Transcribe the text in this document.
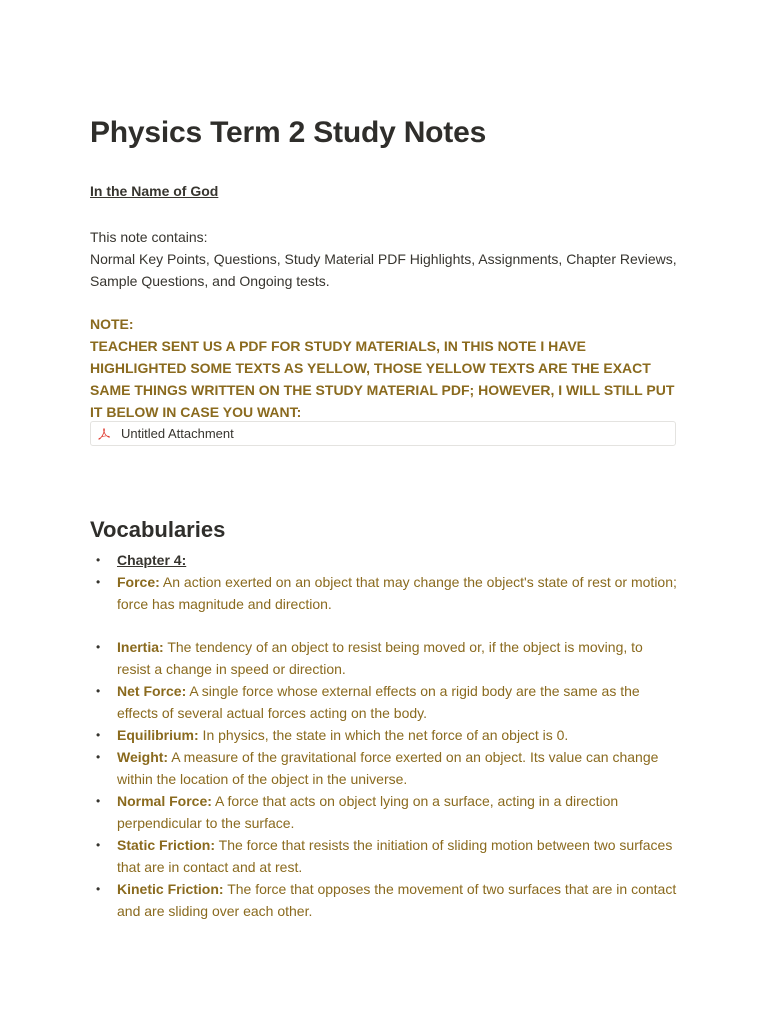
Physics Term 2 Study Notes
In the Name of God

This note contains:

Normal Key Points, Questions, Study Material PDF Highlights, Assignments, Chapter Reviews, Sample Questions, and Ongoing tests.

NOTE:

TEACHER SENT US A PDF FOR STUDY MATERIALS, IN THIS NOTE I HAVE HIGHLIGHTED SOME TEXTS AS YELLOW, THOSE YELLOW TEXTS ARE THE EXACT SAME THINGS WRITTEN ON THE STUDY MATERIAL PDF; HOWEVER, I WILL STILL PUT IT BELOW IN CASE YOU WANT:

Untitled Attachment
Vocabularies
• Chapter 4:
• Force: An action exerted on an object that may change the object's state of rest or motion; force has magnitude and direction.
• Inertia: The tendency of an object to resist being moved or, if the object is moving, to resist a change in speed or direction.
• Net Force: A single force whose external effects on a rigid body are the same as the effects of several actual forces acting on the body.
• Equilibrium: In physics, the state in which the net force of an object is 0.
• Weight: A measure of the gravitational force exerted on an object. Its value can change within the location of the object in the universe.
• Normal Force: A force that acts on object lying on a surface, acting in a direction perpendicular to the surface.
• Static Friction: The force that resists the initiation of sliding motion between two surfaces that are in contact and at rest.
• Kinetic Friction: The force that opposes the movement of two surfaces that are in contact and are sliding over each other.
